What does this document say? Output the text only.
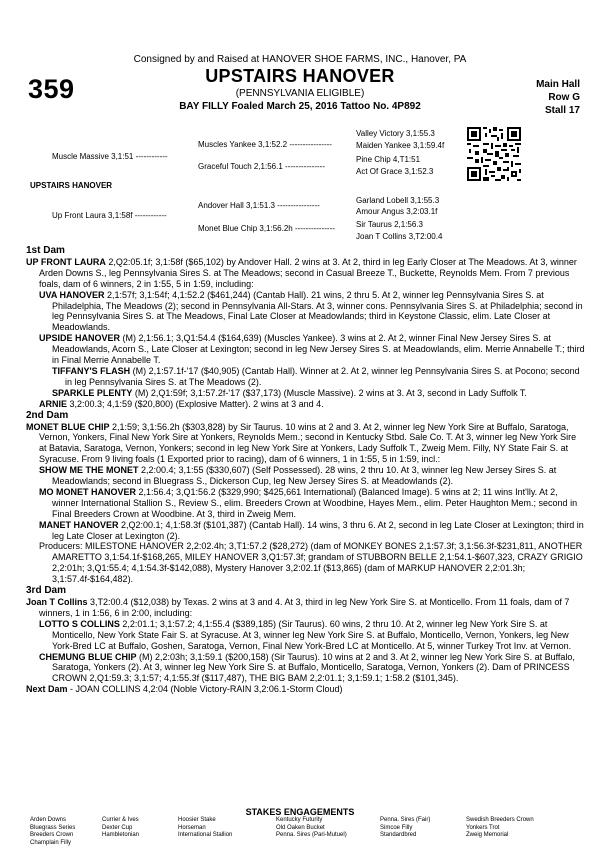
Consigned by and Raised at HANOVER SHOE FARMS, INC., Hanover, PA
359	UPSTAIRS HANOVER
(PENNSYLVANIA ELIGIBLE)
BAY FILLY Foaled March 25, 2016 Tattoo No. 4P892
Main Hall
Row G
Stall 17
Valley Victory 3,1:55.3
Muscles Yankee 3,1:52.2 ----------------	Maiden Yankee 3,1:59.4f
Muscle Massive 3,1:51 ------------	Pine Chip 4,T1:51
Graceful Touch 2,1:56.1 ---------------
Act Of Grace 3,1:52.3
UPSTAIRS HANOVER
Garland Lobell 3,1:55.3
Andover Hall 3,1:51.3 ----------------
Amour Angus 3,2:03.1f
Up Front Laura 3,1:58f ------------
Sir Taurus 2,1:56.3
Monet Blue Chip 3,1:56.2h ---------------
Joan T Collins 3,T2:00.4
1st Dam

UP FRONT LAURA 2,Q2:05.1f; 3,1:58f ($65,102) by Andover Hall. 2 wins at 3. At 2, third in leg Early Closer at The Meadows. At 3, winner Arden Downs S., leg Pennsylvania Sires S. at The Meadows; second in Casual Breeze T., Buckette, Reynolds Mem. From 7 previous foals, dam of 6 winners, 2 in 1:55, 5 in 1:59, including:

UVA HANOVER 2,1:57f; 3,1:54f; 4,1:52.2 ($461,244) (Cantab Hall). 21 wins, 2 thru 5. At 2, winner leg Pennsylvania Sires S. at Philadelphia, The Meadows (2); second in Pennsylvania All-Stars. At 3, winner cons. Pennsylvania Sires S. at Philadelphia; second in leg Pennsylvania Sires S. at The Meadows, Final Late Closer at Meadowlands; third in Keystone Classic, elim. Late Closer at Meadowlands.

UPSIDE HANOVER (M) 2,1:56.1; 3,Q1:54.4 ($164,639) (Muscles Yankee). 3 wins at 2. At 2, winner Final New Jersey Sires S. at Meadowlands, Acorn S., Late Closer at Lexington; second in leg New Jersey Sires S. at Meadowlands, elim. Merrie Annabelle T.; third in Final Merrie Annabelle T.

TIFFANY'S FLASH (M) 2,1:57.1f-'17 ($40,905) (Cantab Hall). Winner at 2. At 2, winner leg Pennsylvania Sires S. at Pocono; second in leg Pennsylvania Sires S. at The Meadows (2).

SPARKLE PLENTY (M) 2,Q1:59f; 3,1:57.2f-'17 ($37,173) (Muscle Massive). 2 wins at 3. At 3, second in Lady Suffolk T.

ARNIE 3,2:00.3; 4,1:59 ($20,800) (Explosive Matter). 2 wins at 3 and 4.

2nd Dam

MONET BLUE CHIP 2,1:59; 3,1:56.2h ($303,828) by Sir Taurus. 10 wins at 2 and 3. At 2, winner leg New York Sire at Buffalo, Saratoga, Vernon, Yonkers, Final New York Sire at Yonkers, Reynolds Mem.; second in Kentucky Stbd. Sale Co. T. At 3, winner leg New York Sire at Batavia, Saratoga, Vernon, Yonkers; second in leg New York Sire at Yonkers, Lady Suffolk T., Zweig Mem. Filly, NY State Fair S. at Syracuse. From 9 living foals (1 Exported prior to racing), dam of 6 winners, 1 in 1:55, 5 in 1:59, incl.:

SHOW ME THE MONET 2,2:00.4; 3,1:55 ($330,607) (Self Possessed). 28 wins, 2 thru 10. At 3, winner leg New Jersey Sires S. at Meadowlands; second in Bluegrass S., Dickerson Cup, leg New Jersey Sires S. at Meadowlands (2).

MO MONET HANOVER 2,1:56.4; 3,Q1:56.2 ($329,990; $425,661 International) (Balanced Image). 5 wins at 2; 11 wins Int'lly. At 2, winner International Stallion S., Review S., elim. Breeders Crown at Woodbine, Hayes Mem., elim. Peter Haughton Mem.; second in Final Breeders Crown at Woodbine. At 3, third in Zweig Mem.

MANET HANOVER 2,Q2:00.1; 4,1:58.3f ($101,387) (Cantab Hall). 14 wins, 3 thru 6. At 2, second in leg Late Closer at Lexington; third in leg Late Closer at Lexington (2).

Producers: MILESTONE HANOVER 2,2:02.4h; 3,T1:57.2 ($28,272) (dam of MONKEY BONES 2,1:57.3f; 3,1:56.3f-$231,811, ANOTHER AMARETTO 3,1:54.1f-$168,265, MILEY HANOVER 3,Q1:57.3f; grandam of STUBBORN BELLE 2,1:54.1-$607,323, CRAZY GRIGIO 2,2:01h; 3,Q1:55.4; 4,1:54.3f-$142,088), Mystery Hanover 3,2:02.1f ($13,865) (dam of MARKUP HANOVER 2,2:01.3h; 3,1:57.4f-$164,482).

3rd Dam

Joan T Collins 3,T2:00.4 ($12,038) by Texas. 2 wins at 3 and 4. At 3, third in leg New York Sire S. at Monticello. From 11 foals, dam of 7 winners, 1 in 1:56, 6 in 2:00, including:

LOTTO S COLLINS 2,2:01.1; 3,1:57.2; 4,1:55.4 ($389,185) (Sir Taurus). 60 wins, 2 thru 10. At 2, winner leg New York Sire S. at Monticello, New York State Fair S. at Syracuse. At 3, winner leg New York Sire S. at Buffalo, Monticello, Vernon, Yonkers, leg New York-Bred LC at Buffalo, Goshen, Saratoga, Vernon, Final New York-Bred LC at Monticello. At 5, winner Turkey Trot Inv. at Vernon.

CHEMUNG BLUE CHIP (M) 2,2:03h; 3,1:59.1 ($200,158) (Sir Taurus). 10 wins at 2 and 3. At 2, winner leg New York Sire S. at Buffalo, Saratoga, Yonkers (2). At 3, winner leg New York Sire S. at Buffalo, Monticello, Saratoga, Vernon, Yonkers (2). Dam of PRINCESS CROWN 2,Q1:59.3; 3,1:57; 4,1:55.3f ($117,487), THE BIG BAM 2,2:01.1; 3,1:59.1; 1:58.2 ($101,345).

Next Dam - JOAN COLLINS 4,2:04 (Noble Victory-RAIN 3,2:06.1-Storm Cloud)

STAKES ENGAGEMENTS
Arden Downs
Bluegrass Series
Breeders Crown
Champlain Filly
Currier & Ives
Dexter Cup
Hambletonian
Hoosier Stake
Horseman
International Stallion
Kentucky Futurity
Old Oaken Bucket
Penna. Sires (Pari-Mutuel)
Penna. Sires (Fair)
Simcoe Filly
Standardbred
Swedish Breeders Crown
Yonkers Trot
Zweig Memorial
